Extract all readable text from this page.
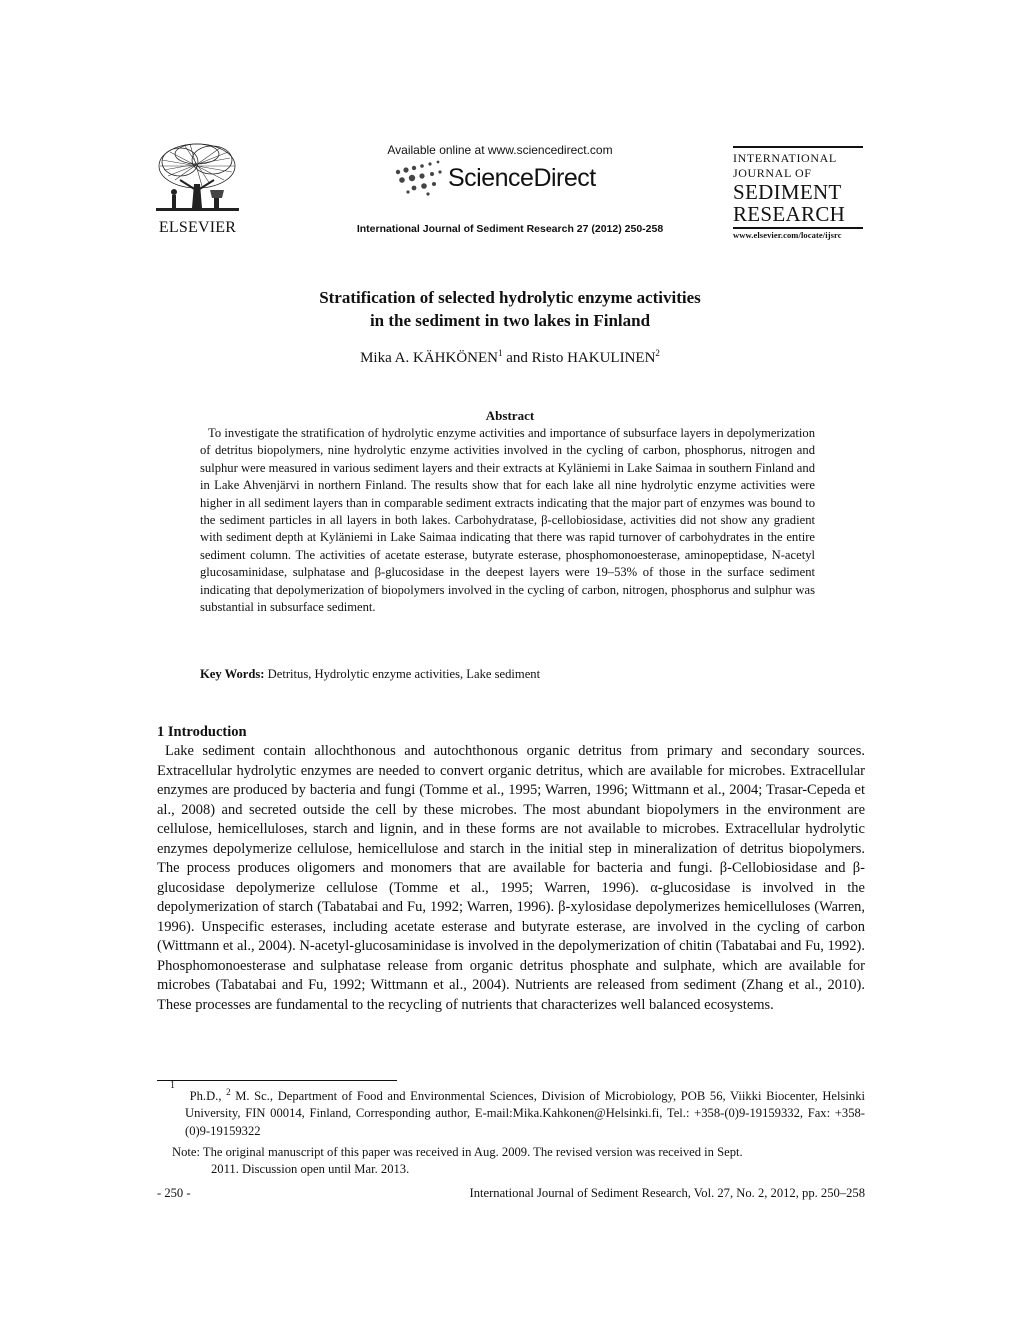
ELSEVIER
Available online at www.sciencedirect.com
ScienceDirect
International Journal of Sediment Research 27 (2012) 250-258
INTERNATIONAL
JOURNAL OF
SEDIMENT
RESEARCH
www.elsevier.com/locate/ijsrc
Stratification of selected hydrolytic enzyme activities
in the sediment in two lakes in Finland
Mika A. KÄHKÖNEN$^1$ and Risto HAKULINEN$^2$
Abstract
To investigate the stratification of hydrolytic enzyme activities and importance of subsurface layers in depolymerization of detritus biopolymers, nine hydrolytic enzyme activities involved in the cycling of carbon, phosphorus, nitrogen and sulphur were measured in various sediment layers and their extracts at Kyläniemi in Lake Saimaa in southern Finland and in Lake Ahvenjärvi in northern Finland. The results show that for each lake all nine hydrolytic enzyme activities were higher in all sediment layers than in comparable sediment extracts indicating that the major part of enzymes was bound to the sediment particles in all layers in both lakes. Carbohydratase, β-cellobiosidase, activities did not show any gradient with sediment depth at Kyläniemi in Lake Saimaa indicating that there was rapid turnover of carbohydrates in the entire sediment column. The activities of acetate esterase, butyrate esterase, phosphomonoesterase, aminopeptidase, N-acetyl glucosaminidase, sulphatase and β-glucosidase in the deepest layers were 19–53% of those in the surface sediment indicating that depolymerization of biopolymers involved in the cycling of carbon, nitrogen, phosphorus and sulphur was substantial in subsurface sediment.
Key Words: Detritus, Hydrolytic enzyme activities, Lake sediment
1 Introduction
Lake sediment contain allochthonous and autochthonous organic detritus from primary and secondary sources. Extracellular hydrolytic enzymes are needed to convert organic detritus, which are available for microbes. Extracellular enzymes are produced by bacteria and fungi (Tomme et al., 1995; Warren, 1996; Wittmann et al., 2004; Trasar-Cepeda et al., 2008) and secreted outside the cell by these microbes. The most abundant biopolymers in the environment are cellulose, hemicelluloses, starch and lignin, and in these forms are not available to microbes. Extracellular hydrolytic enzymes depolymerize cellulose, hemicellulose and starch in the initial step in mineralization of detritus biopolymers. The process produces oligomers and monomers that are available for bacteria and fungi. β-Cellobiosidase and β-glucosidase depolymerize cellulose (Tomme et al., 1995; Warren, 1996). α-glucosidase is involved in the depolymerization of starch (Tabatabai and Fu, 1992; Warren, 1996). β-xylosidase depolymerizes hemicelluloses (Warren, 1996). Unspecific esterases, including acetate esterase and butyrate esterase, are involved in the cycling of carbon (Wittmann et al., 2004). N-acetyl-glucosaminidase is involved in the depolymerization of chitin (Tabatabai and Fu, 1992). Phosphomonoesterase and sulphatase release from organic detritus phosphate and sulphate, which are available for microbes (Tabatabai and Fu, 1992; Wittmann et al., 2004). Nutrients are released from sediment (Zhang et al., 2010). These processes are fundamental to the recycling of nutrients that characterizes well balanced ecosystems.
1
Ph.D., $^2$ M. Sc., Department of Food and Environmental Sciences, Division of Microbiology, POB 56, Viikki Biocenter, Helsinki University, FIN 00014, Finland, Corresponding author, E-mail:Mika.Kahkonen@Helsinki.fi, Tel.: +358-(0)9-19159332, Fax: +358-(0)9-19159322
Note: The original manuscript of this paper was received in Aug. 2009. The revised version was received in Sept.
2011. Discussion open until Mar. 2013.
- 250 -	International Journal of Sediment Research, Vol. 27, No. 2, 2012, pp. 250–258
